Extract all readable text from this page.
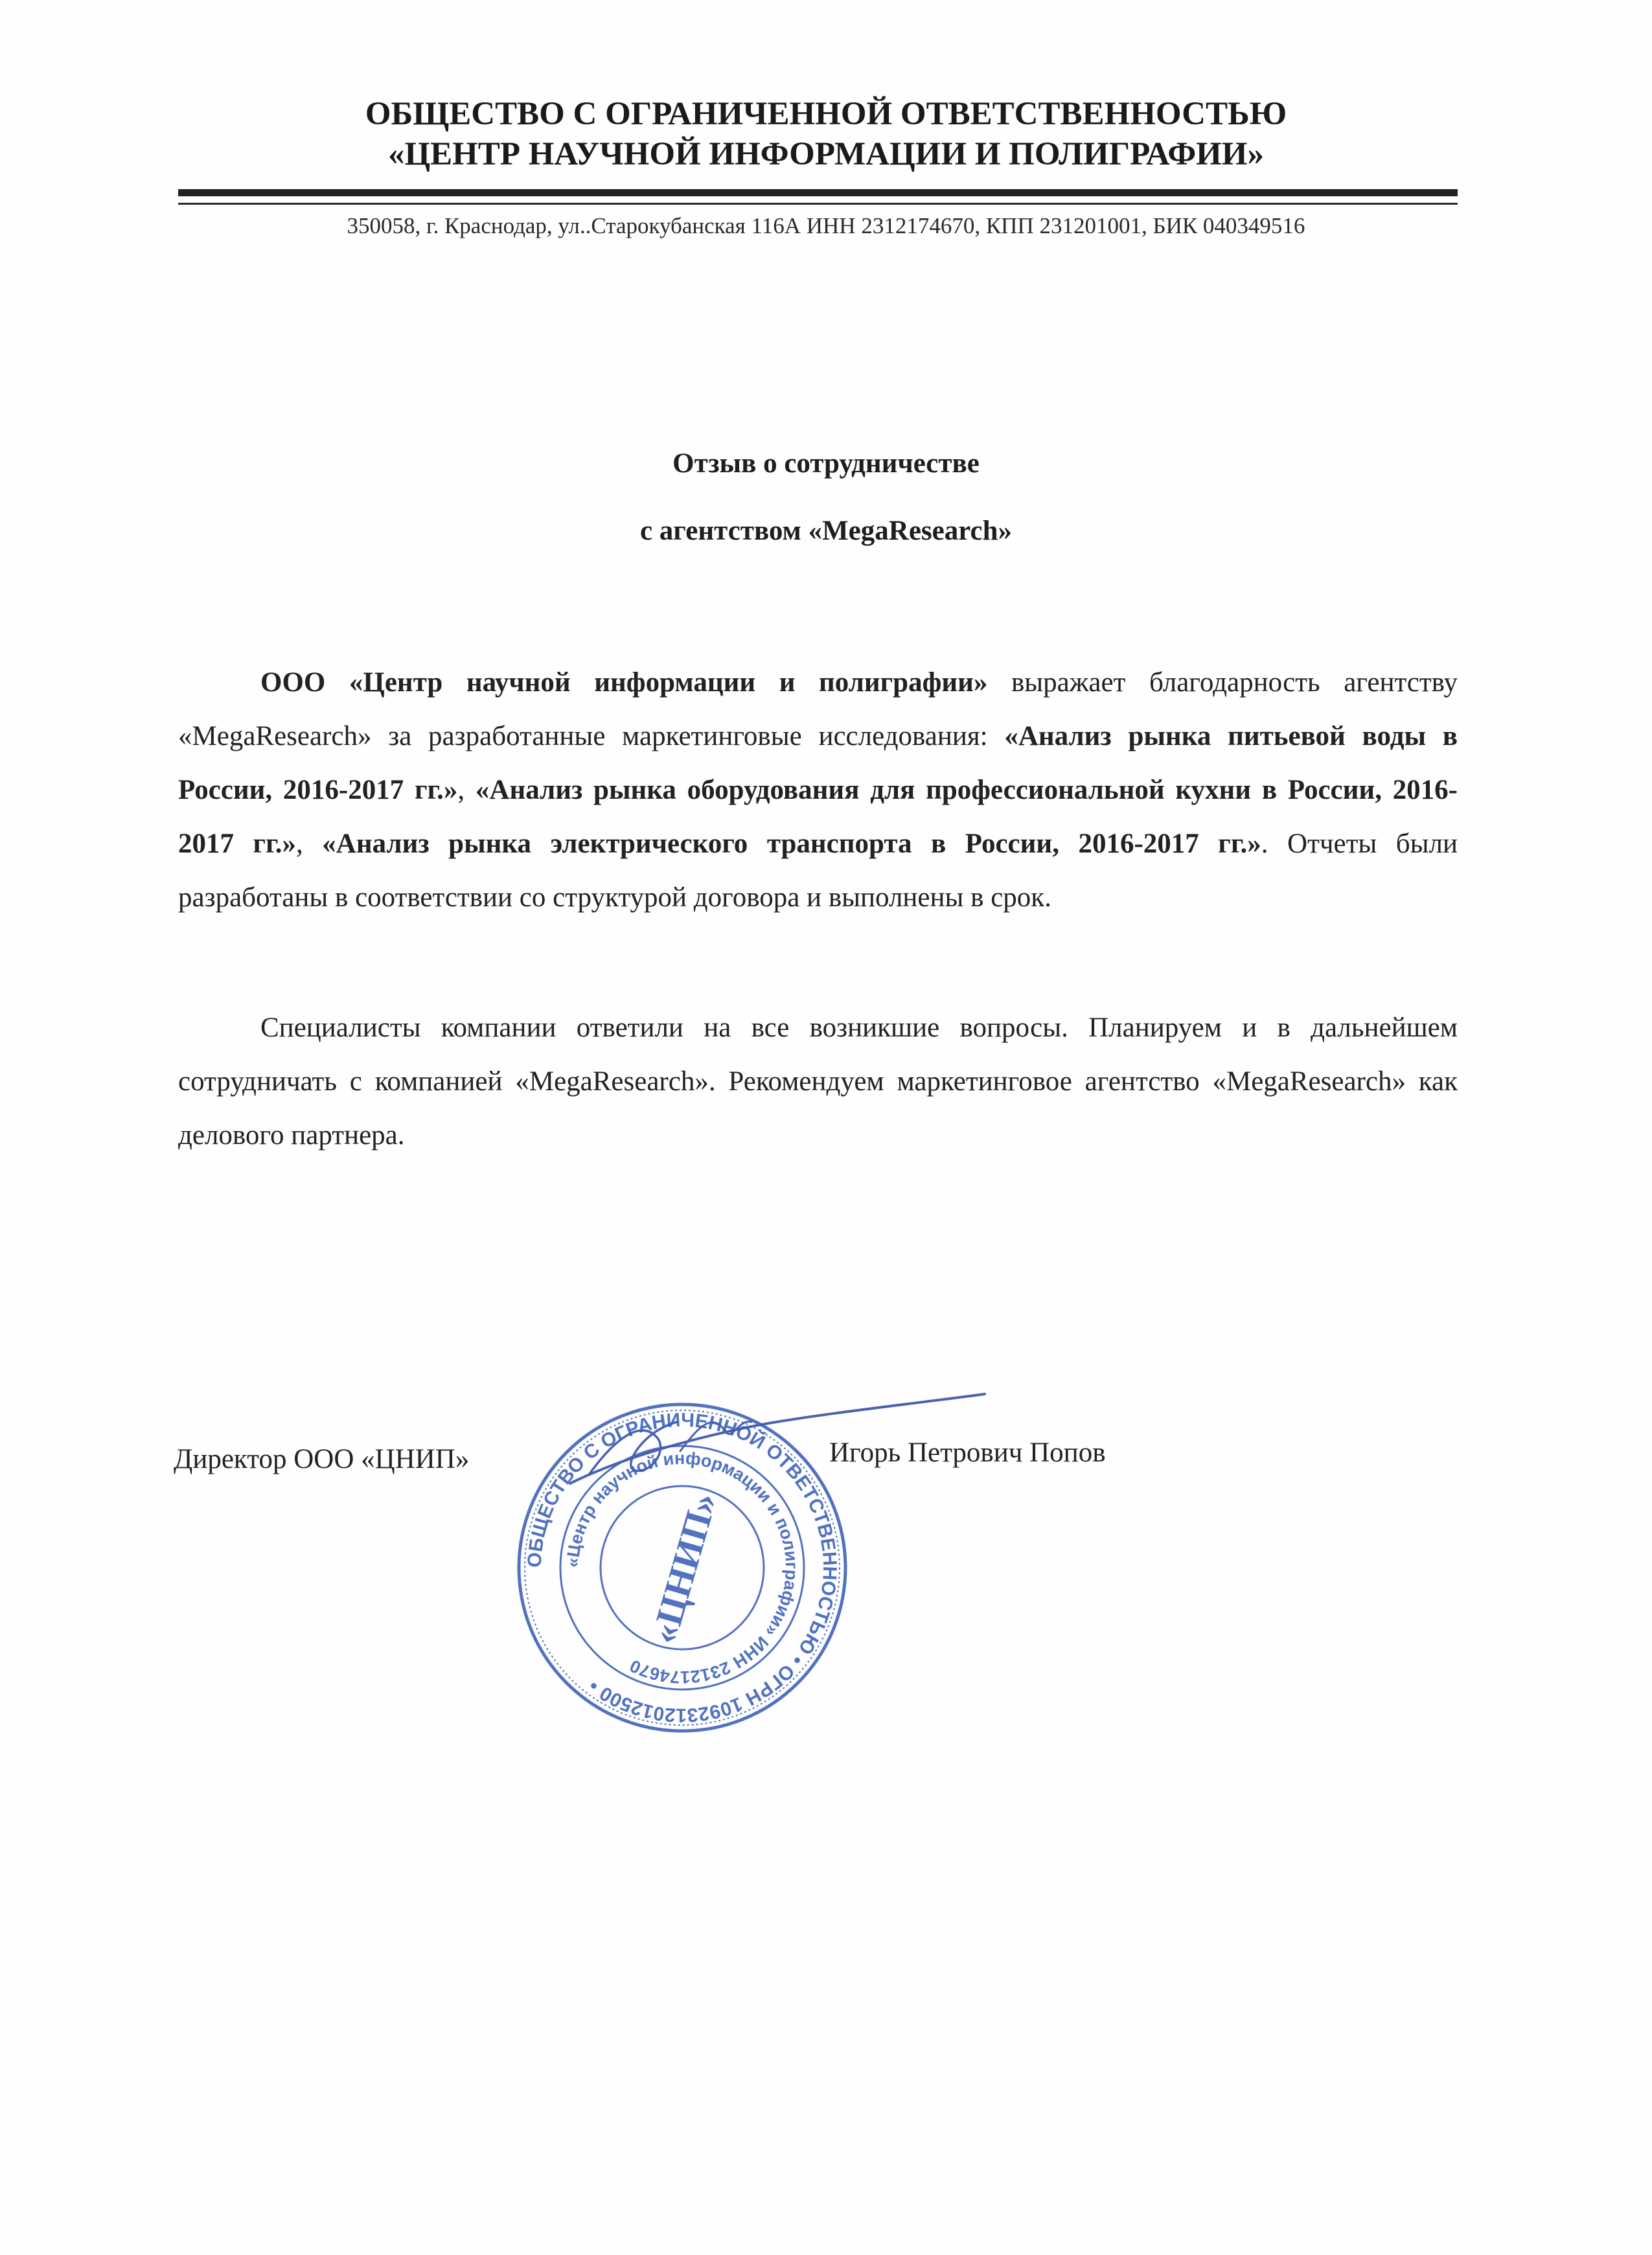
ОБЩЕСТВО С ОГРАНИЧЕННОЙ ОТВЕТСТВЕННОСТЬЮ
«ЦЕНТР НАУЧНОЙ ИНФОРМАЦИИ И ПОЛИГРАФИИ»
350058, г. Краснодар, ул..Старокубанская 116А ИНН 2312174670, КПП 231201001, БИК 040349516
Отзыв о сотрудничестве
с агентством «MegaResearch»

ООО «Центр научной информации и полиграфии» выражает благодарность агентству «MegaResearch» за разработанные маркетинговые исследования: «Анализ рынка питьевой воды в России, 2016-2017 гг.», «Анализ рынка оборудования для профессиональной кухни в России, 2016-2017 гг.», «Анализ рынка электрического транспорта в России, 2016-2017 гг.». Отчеты были разработаны в соответствии со структурой договора и выполнены в срок.

Специалисты компании ответили на все возникшие вопросы. Планируем и в дальнейшем сотрудничать с компанией «MegaResearch». Рекомендуем маркетинговое агентство «MegaResearch» как делового партнера.

Директор ООО «ЦНИП»	Игорь Петрович Попов
ОБЩЕСТВО С ОГРАНИЧЕННОЙ ОТВЕТСТВЕННОСТЬЮ • ОГРН 1092312012500 •
«Центр научной информации и полиграфии» ИНН 2312174670
«ЦНИП»
